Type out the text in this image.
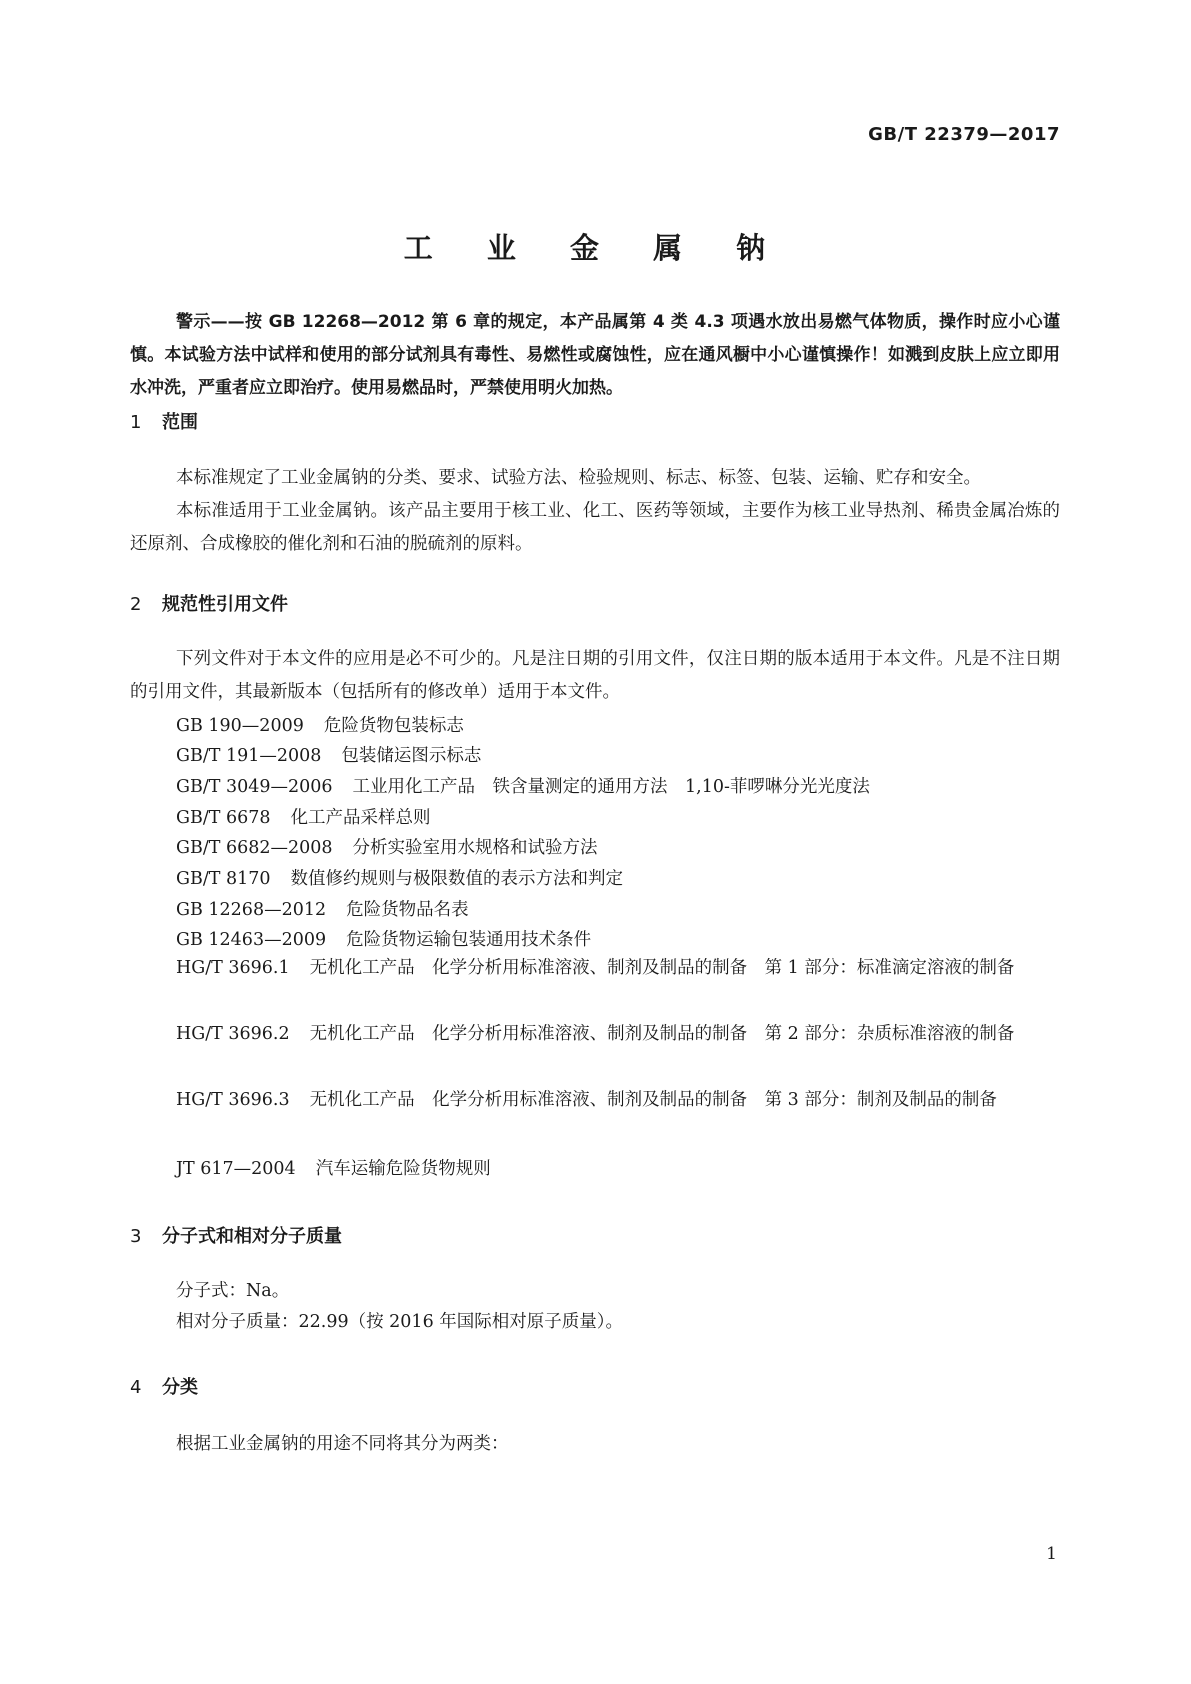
GB/T 22379—2017
工 业 金 属 钠
警示——按 GB 12268—2012 第 6 章的规定，本产品属第 4 类 4.3 项遇水放出易燃气体物质，操作时应小心谨慎。本试验方法中试样和使用的部分试剂具有毒性、易燃性或腐蚀性，应在通风橱中小心谨慎操作！如溅到皮肤上应立即用水冲洗，严重者应立即治疗。使用易燃品时，严禁使用明火加热。
1 范围
本标准规定了工业金属钠的分类、要求、试验方法、检验规则、标志、标签、包装、运输、贮存和安全。
本标准适用于工业金属钠。该产品主要用于核工业、化工、医药等领域，主要作为核工业导热剂、稀贵金属冶炼的还原剂、合成橡胶的催化剂和石油的脱硫剂的原料。
2 规范性引用文件
下列文件对于本文件的应用是必不可少的。凡是注日期的引用文件，仅注日期的版本适用于本文件。凡是不注日期的引用文件，其最新版本（包括所有的修改单）适用于本文件。
GB 190—2009 危险货物包装标志
GB/T 191—2008 包装储运图示标志
GB/T 3049—2006 工业用化工产品　铁含量测定的通用方法　1,10-菲啰啉分光光度法
GB/T 6678 化工产品采样总则
GB/T 6682—2008 分析实验室用水规格和试验方法
GB/T 8170 数值修约规则与极限数值的表示方法和判定
GB 12268—2012 危险货物品名表
GB 12463—2009 危险货物运输包装通用技术条件
HG/T 3696.1 无机化工产品　化学分析用标准溶液、制剂及制品的制备　第 1 部分：标准滴定溶液的制备
HG/T 3696.2 无机化工产品　化学分析用标准溶液、制剂及制品的制备　第 2 部分：杂质标准溶液的制备
HG/T 3696.3 无机化工产品　化学分析用标准溶液、制剂及制品的制备　第 3 部分：制剂及制品的制备
JT 617—2004 汽车运输危险货物规则
3 分子式和相对分子质量
分子式：Na。
相对分子质量：22.99（按 2016 年国际相对原子质量）。
4 分类
根据工业金属钠的用途不同将其分为两类：
1
